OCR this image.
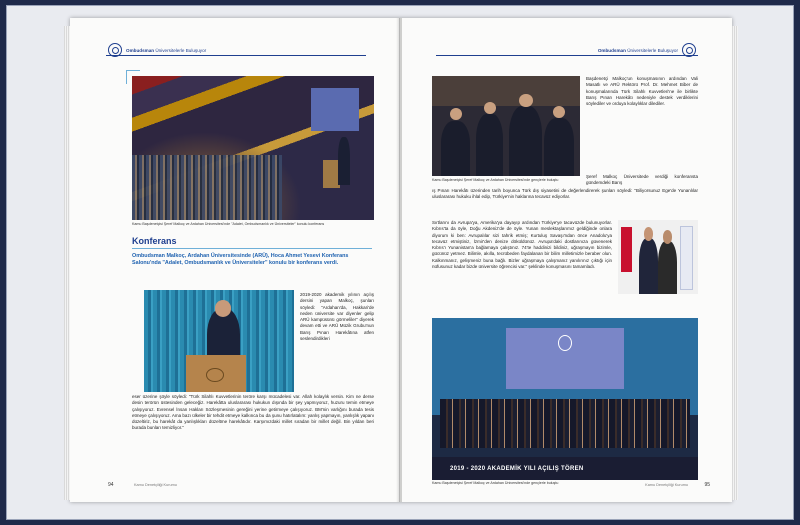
Ombudsman Üniversitelerle Buluşuyor
Kamu Başdenetçisi Şeref Malkoç ve Ardahan Üniversitesi'nde "Adalet, Ombudsmanlık ve Üniversiteler" konulu konferans
Konferans
Ombudsman Malkoç, Ardahan Üniversitesinde (ARÜ), Hoca Ahmet Yesevi Konferans Salonu'nda "Adalet, Ombudsmanlık ve Üniversiteler" konulu bir konferans verdi.
2019-2020 akademik yılının açılış dersini yapan Malkoç, şunları söyledi: "Ardahan'da, Hakkari'de neden üniversite var diyenler gelip ARÜ kampüsünü görmeliler" diyerek devam etti ve ARÜ Müzik Grubu'nun Barış Pınarı Harekâtına atfen seslendirdikleri
eser üzerine şöyle söyledi: "Türk Silahlı Kuvvetlerinin teröre karşı mücadelesi var. Allah kolaylık versin. Kim ne derse desin terörün üstesinden geleceğiz. Harekâtta uluslararası hukukun dışında bir şey yapmıyoruz, huzuru temin etmeye çalışıyoruz. Evrensel İnsan Hakları Sözleşmesinin gereğini yerine getirmeye çalışıyoruz. BM'nin varlığını burada tesis etmeye çalışıyoruz. Ama bazı ülkeler bir tehdit etmeye kalkınca bu da şunu hatırlatalım: yanlış yapmayın, yanlışlık yapanı düzeltiriz, bu harekât da yanlışlıkları düzeltme harekâtıdır. Karşımızdaki millet sıradan bir millet değil. Bin yıldan beri burada bunları temizliyor."
94	Kamu Denetçiliği Kurumu
Ombudsman Üniversitelerle Buluşuyor
Kamu Başdenetçisi Şeref Malkoç ve Ardahan Üniversitesi'nde gençlerle buluştu
Başdenetçi Malkoç'un konuşmasının ardından Vali Masatlı ve ARÜ Rektörü Prof. Dr. Mehmet Biber de konuşmalarında Türk Silahlı Kuvvetleri'ne ile birlikte Barış Pınarı Harekâtı nedeniyle destek verdiklerini söylediler ve orduya kolaylıklar dilediler.
Şeref Malkoç Üniversitede verdiği konferansta gündemdeki Barış
ış Pınarı Harekâtı üzerinden tarih boyunca Türk dış siyasetini de değerlendirerek şunları söyledi: "Biliyorsunuz Ege'de Yunanlılar uluslararası hukuku ihlal edip, Türkiye'nin haklarına tecavüz ediyorlar.
Sırtlarını da Avrupa'ya, Amerika'ya dayayıp ardından Türkiye'ye tacavüzde bulunuyorlar. Kıbrıs'ta da öyle, Doğu Akdeniz'de de öyle. Yunan meslektaşlarımız geldiğinde onlara diyorum ki ben: Avrupalılar sizi tahrik etmiş; Kurtuluş Savaşı'ndan önce Anadolu'ya tecavüz etmiştiniz, İzmir'den denize döküldünüz. Avrupa'daki dostlarınıza güvenerek Kıbrıs'ı Yunanistan'a bağlamaya çalıştınız. 74'te haddinizi bildiniz, uğraşmayın bizimle, gücünüz yetmez. Bilimle, akılla, tecrübeden faydalanan bir bilim milletimizle beraber olun. Kalkınmanız, gelişmeniz buna bağlı. Bizler uğraşmaya çalışmanız yanılırınız çıktığı için nüfusunuz kadar bizde üniversite öğrencisi var." şeklinde konuşmasını tamamladı.
2019 - 2020 AKADEMİK YILI AÇILIŞ TÖREN
Kamu Başdenetçisi Şeref Malkoç ve Ardahan Üniversitesi'nde gençlerle buluştu	Kamu Denetçiliği Kurumu	95
